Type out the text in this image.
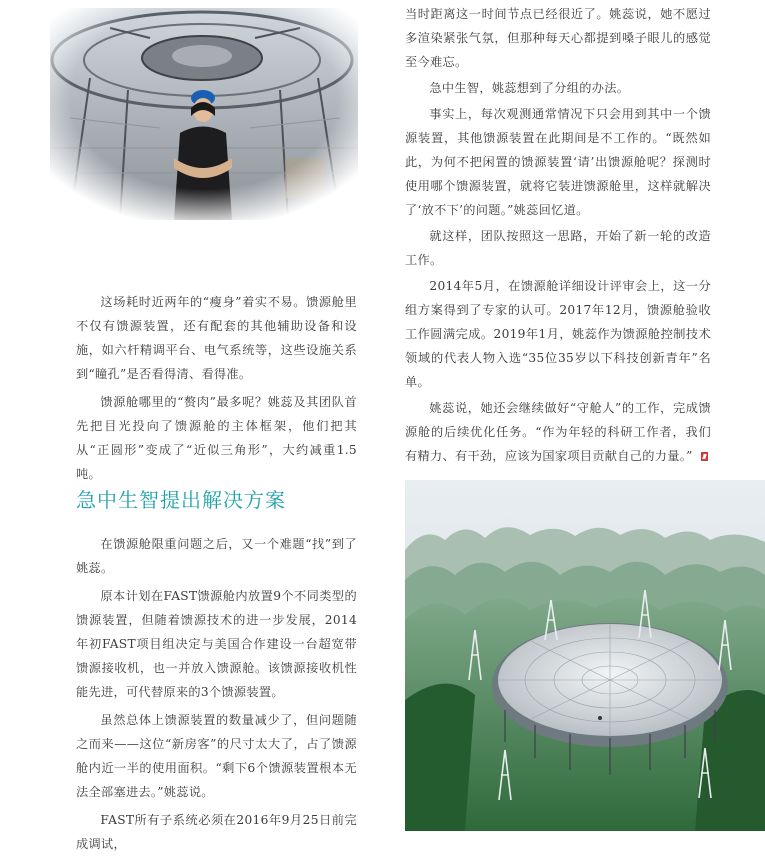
这场耗时近两年的“瘦身”着实不易。馈源舱里不仅有馈源装置，还有配套的其他辅助设备和设施，如六杆精调平台、电气系统等，这些设施关系到“瞳孔”是否看得清、看得准。

馈源舱哪里的“赘肉”最多呢？姚蕊及其团队首先把目光投向了馈源舱的主体框架，他们把其从“正圆形”变成了“近似三角形”，大约减重1.5吨。

急中生智提出解决方案

在馈源舱限重问题之后，又一个难题“找”到了姚蕊。

原本计划在FAST馈源舱内放置9个不同类型的馈源装置，但随着馈源技术的进一步发展，2014年初FAST项目组决定与美国合作建设一台超宽带馈源接收机，也一并放入馈源舱。该馈源接收机性能先进，可代替原来的3个馈源装置。

虽然总体上馈源装置的数量减少了，但问题随之而来——这位“新房客”的尺寸太大了，占了馈源舱内近一半的使用面积。“剩下6个馈源装置根本无法全部塞进去。”姚蕊说。

FAST所有子系统必须在2016年9月25日前完成调试，

当时距离这一时间节点已经很近了。姚蕊说，她不愿过多渲染紧张气氛，但那种每天心都提到嗓子眼儿的感觉至今难忘。

急中生智，姚蕊想到了分组的办法。

事实上，每次观测通常情况下只会用到其中一个馈源装置，其他馈源装置在此期间是不工作的。“既然如此，为何不把闲置的馈源装置‘请’出馈源舱呢？探测时使用哪个馈源装置，就将它装进馈源舱里，这样就解决了‘放不下’的问题。”姚蕊回忆道。

就这样，团队按照这一思路，开始了新一轮的改造工作。

2014年5月，在馈源舱详细设计评审会上，这一分组方案得到了专家的认可。2017年12月，馈源舱验收工作圆满完成。2019年1月，姚蕊作为馈源舱控制技术领域的代表人物入选“35位35岁以下科技创新青年”名单。

姚蕊说，她还会继续做好“守舱人”的工作，完成馈源舱的后续优化任务。“作为年轻的科研工作者，我们有精力、有干劲，应该为国家项目贡献自己的力量。”
